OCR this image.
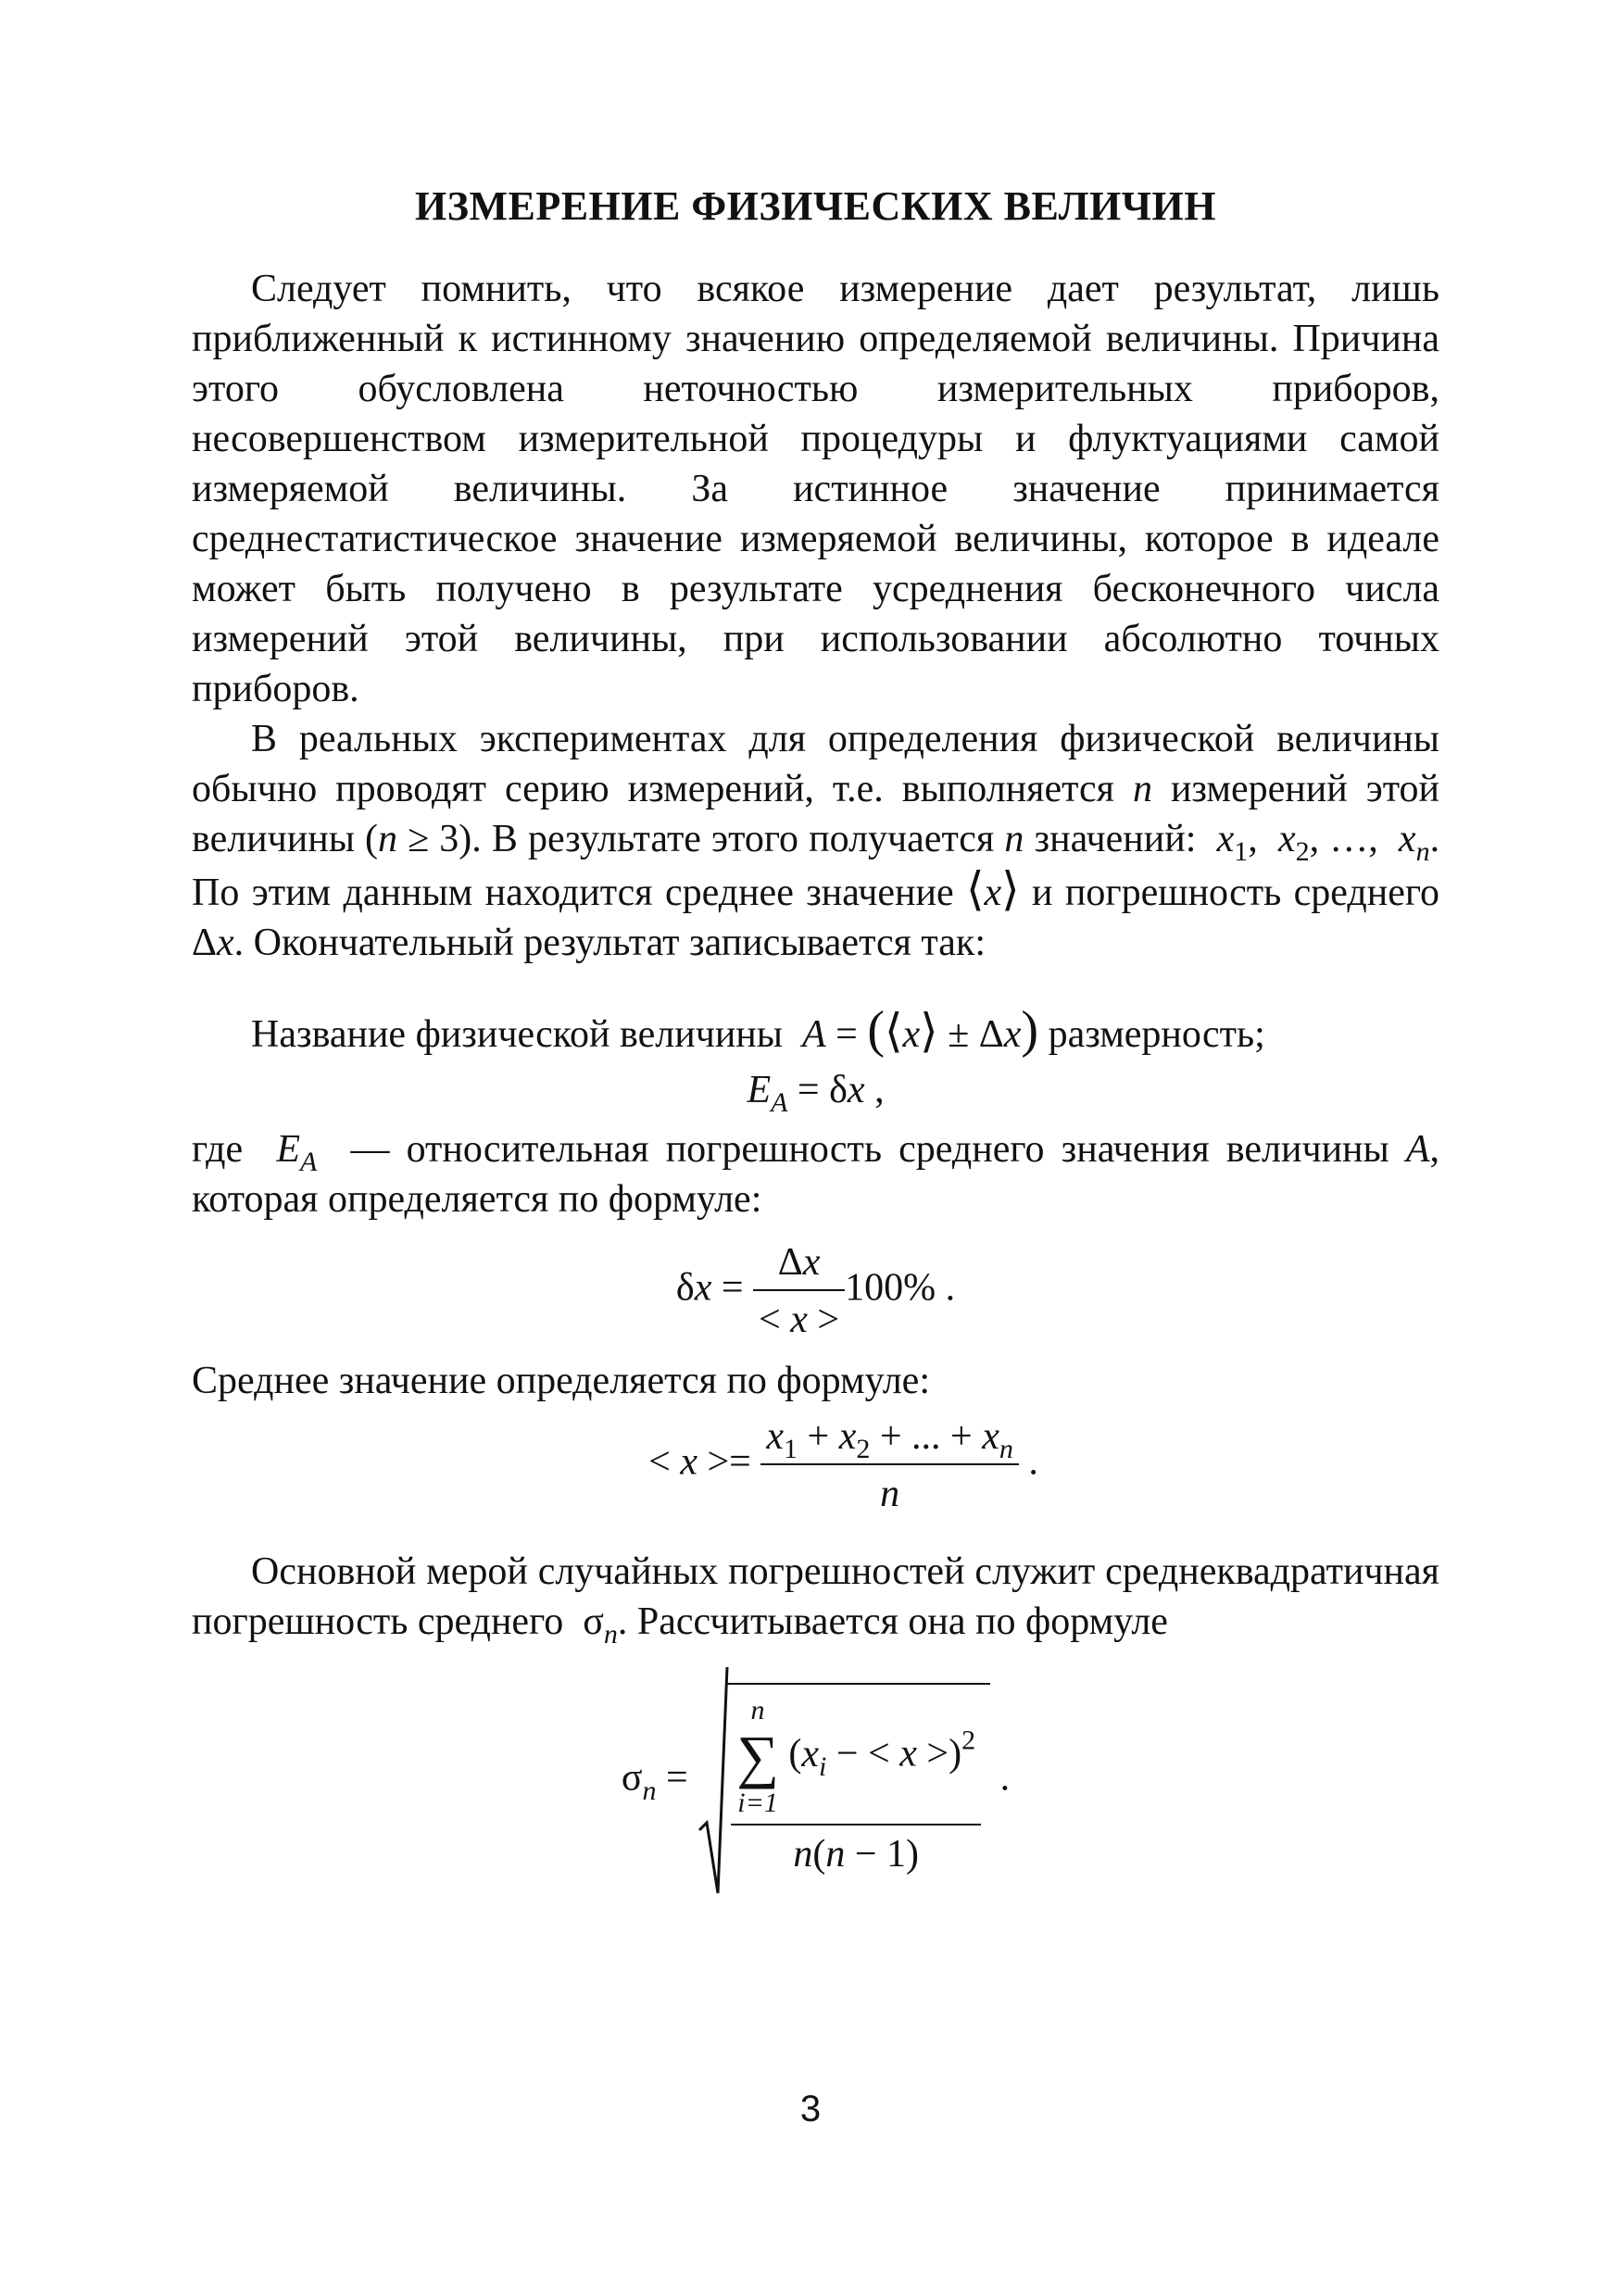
ИЗМЕРЕНИЕ ФИЗИЧЕСКИХ ВЕЛИЧИН

Следует помнить, что всякое измерение дает результат, лишь приближенный к истинному значению определяемой величины. Причина этого обусловлена неточностью измерительных приборов, несовершенством измерительной процедуры и флуктуациями самой измеряемой величины. За истинное значение принимается среднестатистическое значение измеряемой величины, которое в идеале может быть получено в результате усреднения бесконечного числа измерений этой величины, при использовании абсолютно точных приборов.

В реальных экспериментах для определения физической величины обычно проводят серию измерений, т.е. выполняется n измерений этой величины (n ≥ 3). В результате этого получается n значений: $x_1$,  $x_2$, …,  $x_n$. По этим данным находится среднее значение ⟨x⟩ и погрешность среднего Δx. Окончательный результат записывается так:

Название физической величины A = (⟨x⟩ ± Δx) размерность;

$E_A = \delta x$ ,

где $E_A$ — относительная погрешность среднего значения величины A, которая определяется по формуле:

$\delta x = \frac{\Delta x}{< x >} 100\%$ .

Среднее значение определяется по формуле:

< $x >= \frac{x_1 + x_2 + ... + x_n}{n}$ .

Основной мерой случайных погрешностей служит среднеквадратичная погрешность среднего $\sigma_n$. Рассчитывается она по формуле

$\sigma_n = n$
∑
i=1
($x_i$ − < x >)$^2$
n(n − 1) .
3
